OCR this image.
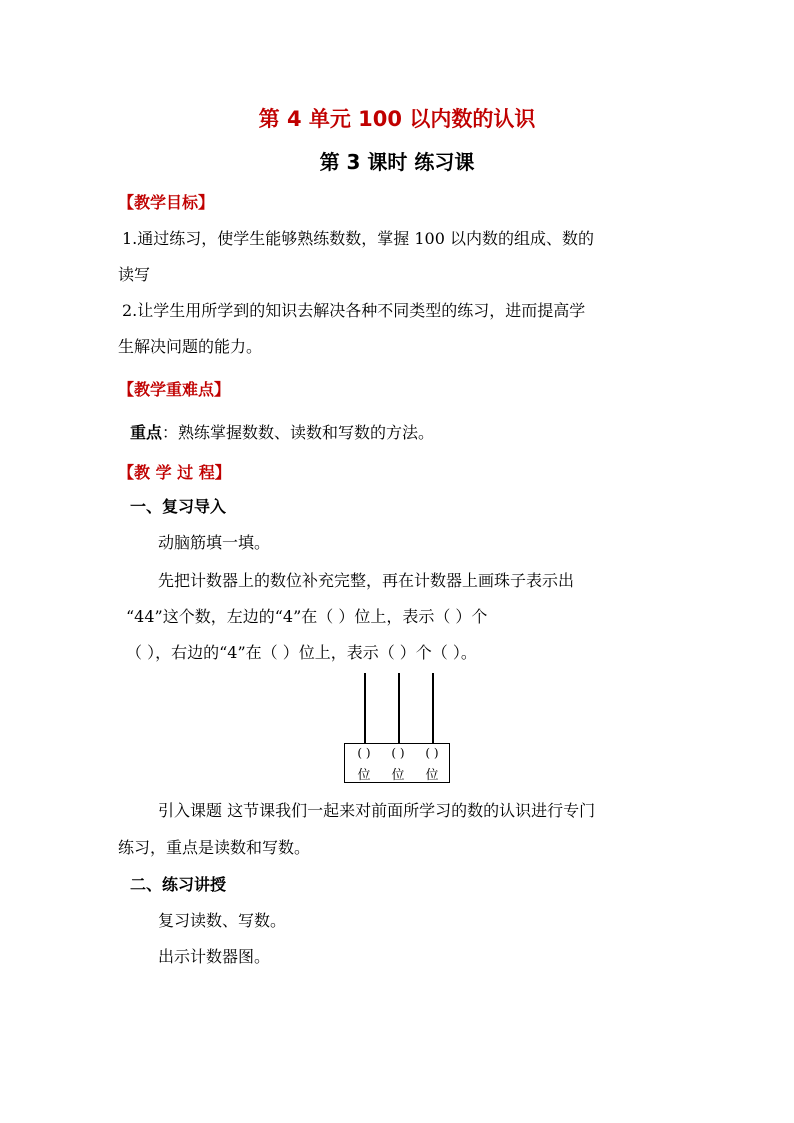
第 4 单元 100 以内数的认识
第 3 课时 练习课
【教学目标】
1.通过练习，使学生能够熟练数数，掌握 100 以内数的组成、数的
读写
2.让学生用所学到的知识去解决各种不同类型的练习，进而提高学
生解决问题的能力。
【教学重难点】
重点：熟练掌握数数、读数和写数的方法。
【教 学 过 程】
一、复习导入
动脑筋填一填。
先把计数器上的数位补充完整，再在计数器上画珠子表示出
“44”这个数，左边的“4”在（ ）位上，表示（ ）个
（ ），右边的“4”在（ ）位上，表示（ ）个（ ）。
( )	( )	( )
位	位	位
引入课题 这节课我们一起来对前面所学习的数的认识进行专门
练习，重点是读数和写数。
二、练习讲授
复习读数、写数。
出示计数器图。
